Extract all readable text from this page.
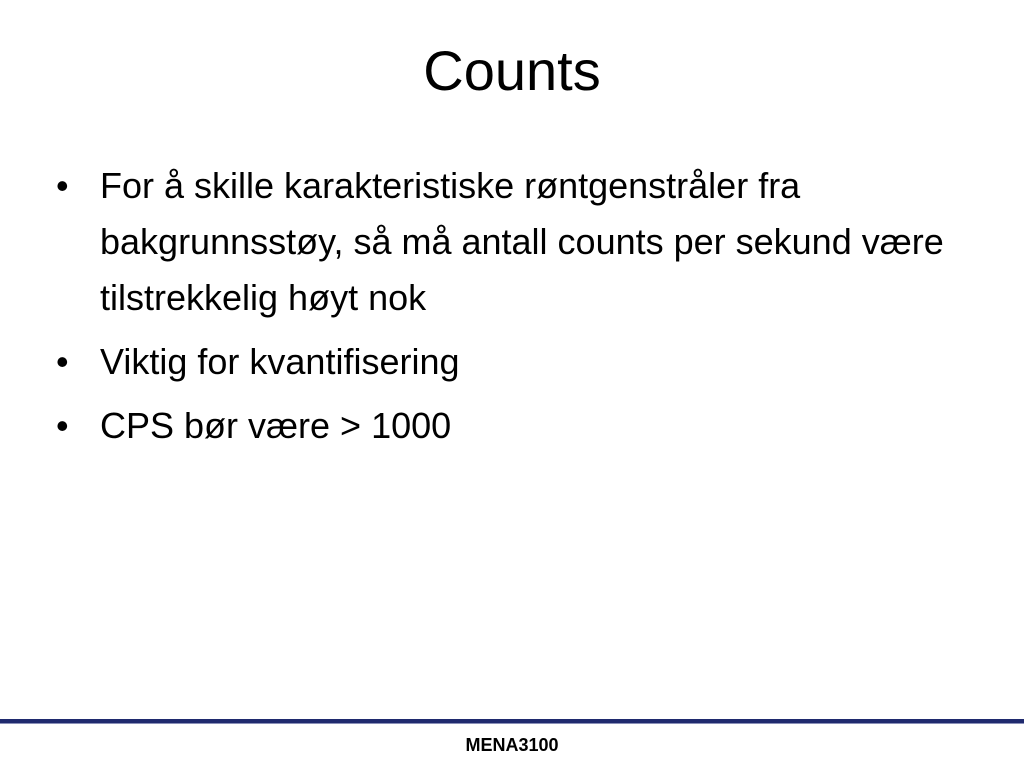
Counts
• For å skille karakteristiske røntgenstråler fra bakgrunnsstøy, så må antall counts per sekund være tilstrekkelig høyt nok
• Viktig for kvantifisering
• CPS bør være > 1000
MENA3100
